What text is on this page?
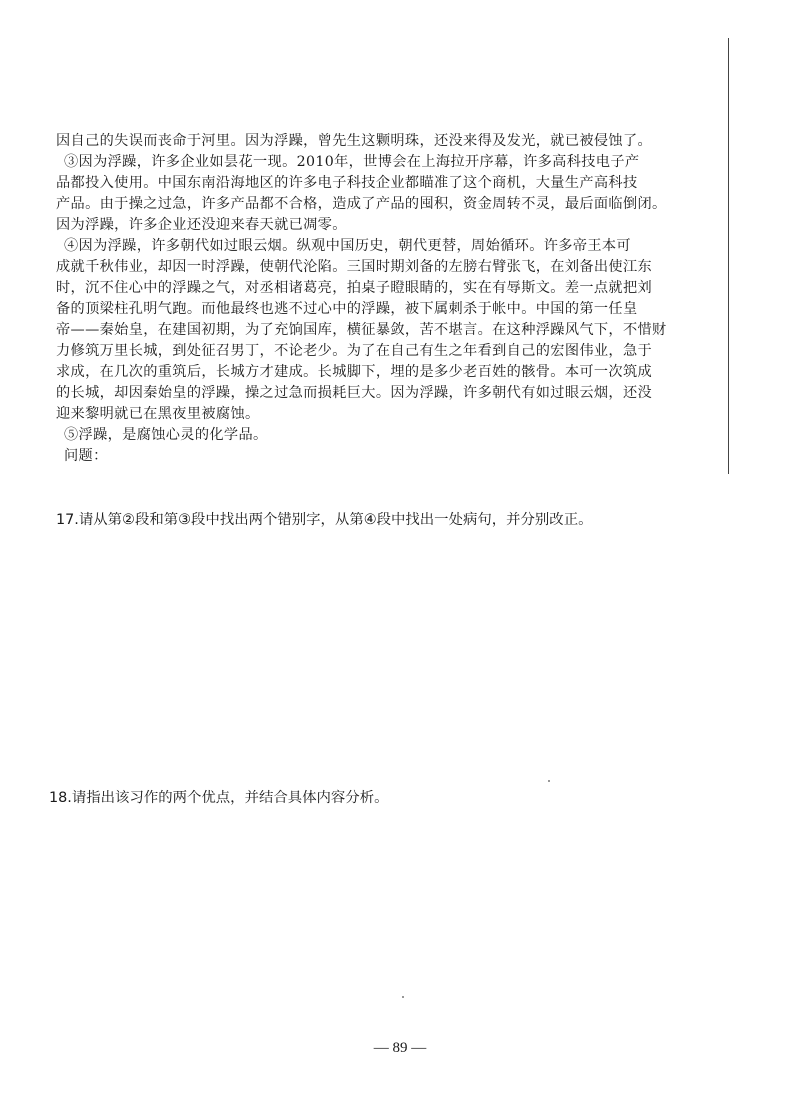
因自己的失误而丧命于河里。因为浮躁，曾先生这颗明珠，还没来得及发光，就已被侵蚀了。
③因为浮躁，许多企业如昙花一现。2010年，世博会在上海拉开序幕，许多高科技电子产
品都投入使用。中国东南沿海地区的许多电子科技企业都瞄准了这个商机，大量生产高科技
产品。由于操之过急，许多产品都不合格，造成了产品的囤积，资金周转不灵，最后面临倒闭。
因为浮躁，许多企业还没迎来春天就已凋零。
④因为浮躁，许多朝代如过眼云烟。纵观中国历史，朝代更替，周始循环。许多帝王本可
成就千秋伟业，却因一时浮躁，使朝代沦陷。三国时期刘备的左膀右臂张飞，在刘备出使江东
时，沉不住心中的浮躁之气，对丞相诸葛亮，拍桌子瞪眼睛的，实在有辱斯文。差一点就把刘
备的顶梁柱孔明气跑。而他最终也逃不过心中的浮躁，被下属刺杀于帐中。中国的第一任皇
帝——秦始皇，在建国初期，为了充饷国库，横征暴敛，苦不堪言。在这种浮躁风气下，不惜财
力修筑万里长城，到处征召男丁，不论老少。为了在自己有生之年看到自己的宏图伟业，急于
求成，在几次的重筑后，长城方才建成。长城脚下，埋的是多少老百姓的骸骨。本可一次筑成
的长城，却因秦始皇的浮躁，操之过急而损耗巨大。因为浮躁，许多朝代有如过眼云烟，还没
迎来黎明就已在黑夜里被腐蚀。
⑤浮躁，是腐蚀心灵的化学品。
问题：
17.请从第②段和第③段中找出两个错别字，从第④段中找出一处病句，并分别改正。
18.请指出该习作的两个优点，并结合具体内容分析。
— 89 —
